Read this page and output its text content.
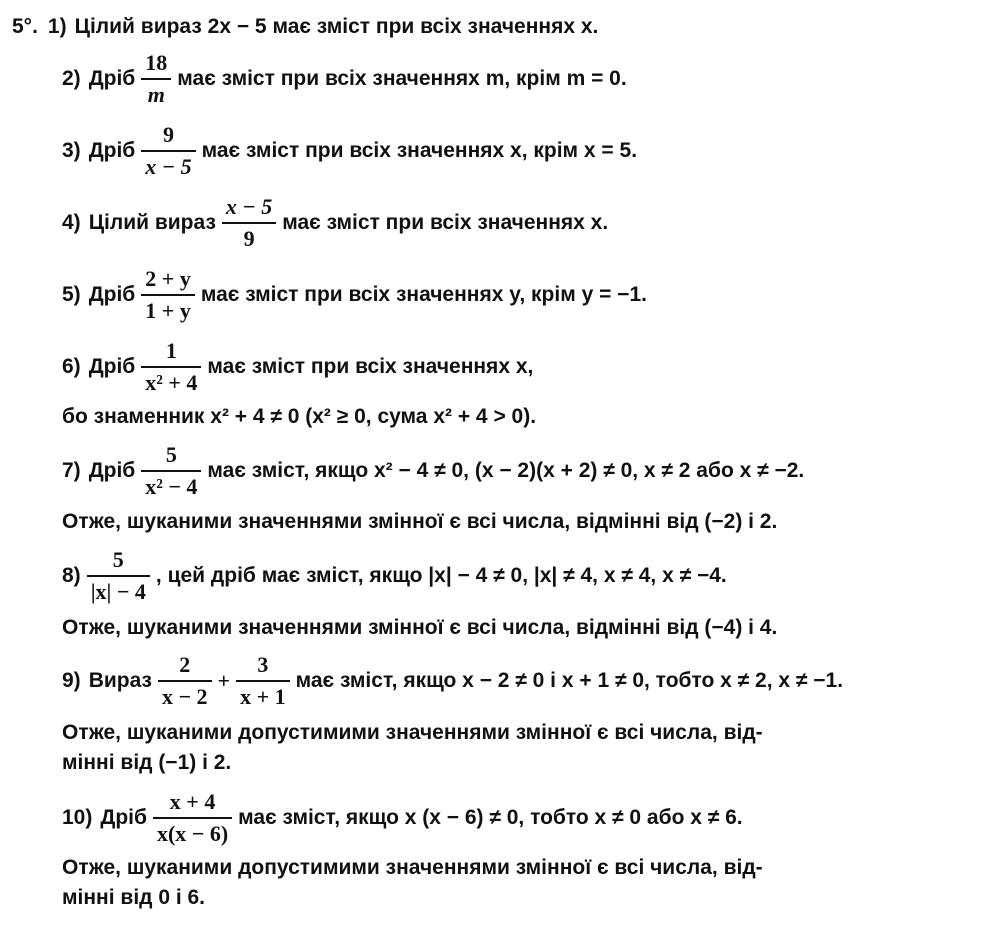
5°. 1) Цілий вираз 2x − 5 має зміст при всіх значеннях x.
2) Дріб $\frac{18}{m}$ має зміст при всіх значеннях m, крім m = 0.
3) Дріб $\frac{9}{x - 5}$ має зміст при всіх значеннях x, крім x = 5.
4) Цілий вираз $\frac{x - 5}{9}$ має зміст при всіх значеннях x.
5) Дріб $\frac{2 + y}{1 + y}$ має зміст при всіх значеннях y, крім y = −1.
6) Дріб $\frac{1}{\text{x² + 4}}$ має зміст при всіх значеннях x,
бо знаменник x² + 4 ≠ 0 (x² ≥ 0, сума x² + 4 > 0).
7) Дріб $\frac{5}{\text{x² − 4}}$ має зміст, якщо x² − 4 ≠ 0, (x − 2)(x + 2) ≠ 0, x ≠ 2 або x ≠ −2.
Отже, шуканими значеннями змінної є всі числа, відмінні від (−2) і 2.
$8) \frac{5}{|x| - 4}$ , цей дріб має зміст, якщо |x| − 4 ≠ 0, |x| ≠ 4, x ≠ 4, x ≠ −4.
Отже, шуканими значеннями змінної є всі числа, відмінні від (−4) і 4.
9) Вираз $\frac{2}{x - 2} + \frac{3}{x + 1}$ має зміст, якщо x − 2 ≠ 0 і x + 1 ≠ 0, тобто x ≠ 2, x ≠ −1.
Отже, шуканими допустимими значеннями змінної є всі числа, від-
мінні від (−1) і 2.
10) Дріб $\frac{x + 4}{x(x - 6)}$ має зміст, якщо x (x − 6) ≠ 0, тобто x ≠ 0 або x ≠ 6.
Отже, шуканими допустимими значеннями змінної є всі числа, від-
мінні від 0 і 6.
